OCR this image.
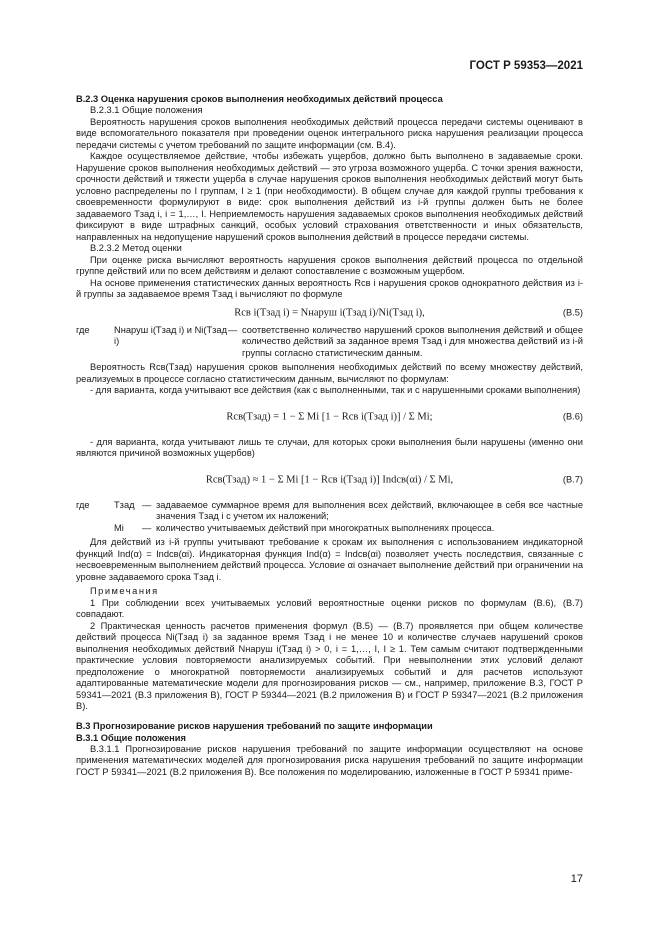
ГОСТ Р 59353—2021
B.2.3 Оценка нарушения сроков выполнения необходимых действий процесса

B.2.3.1 Общие положения

Вероятность нарушения сроков выполнения необходимых действий процесса передачи системы оценивают в виде вспомогательного показателя при проведении оценок интегрального риска нарушения реализации процесса передачи системы с учетом требований по защите информации (см. B.4).

Каждое осуществляемое действие, чтобы избежать ущербов, должно быть выполнено в задаваемые сроки. Нарушение сроков выполнения необходимых действий — это угроза возможного ущерба. С точки зрения важности, срочности действий и тяжести ущерба в случае нарушения сроков выполнения необходимых действий могут быть условно распределены по I группам, I ≥ 1 (при необходимости). В общем случае для каждой группы требования к своевременности формулируют в виде: срок выполнения действий из i-й группы должен быть не более задаваемого Tзад i, i = 1,…, I. Неприемлемость нарушения задаваемых сроков выполнения необходимых действий фиксируют в виде штрафных санкций, особых условий страхования ответственности и иных обязательств, направленных на недопущение нарушений сроков выполнения действий в процессе передачи системы.

B.2.3.2 Метод оценки

При оценке риска вычисляют вероятность нарушения сроков выполнения действий процесса по отдельной группе действий или по всем действиям и делают сопоставление с возможным ущербом.

На основе применения статистических данных вероятность Rсв i нарушения сроков однократного действия из i-й группы за задаваемое время Tзад i вычисляют по формуле

Rсв i(Tзад i) = Nнаруш i(Tзад i)/Ni(Tзад i),	(B.5)
где	Nнаруш i(Tзад i) и Ni(Tзад i)
— соответственно количество нарушений сроков выполнения действий и общее количество действий за заданное время Tзад i для множества действий из i-й группы согласно статистическим данным.

Вероятность Rсв(Tзад) нарушения сроков выполнения необходимых действий по всему множеству действий, реализуемых в процессе согласно статистическим данным, вычисляют по формулам:

- для варианта, когда учитывают все действия (как с выполненными, так и с нарушенными сроками выполнения)

Rсв(Tзад) = 1 − Σ Mi [1 − Rсв i(Tзад i)] / Σ Mi;	(B.6)

- для варианта, когда учитывают лишь те случаи, для которых сроки выполнения были нарушены (именно они являются причиной возможных ущербов)

Rсв(Tзад) ≈ 1 − Σ Mi [1 − Rсв i(Tзад i)] Indсв(αi) / Σ Mi,	(B.7)
где	Tзад — задаваемое суммарное время для выполнения всех действий, включающее в себя все частные значения Tзад i с учетом их наложений;

Mi	— количество учитываемых действий при многократных выполнениях процесса.

Для действий из i-й группы учитывают требование к срокам их выполнения с использованием индикаторной функций Ind(α) = Indсв(αi). Индикаторная функция Ind(α) = Indсв(αi) позволяет учесть последствия, связанные с несвоевременным выполнением действий процесса. Условие αi означает выполнение действий при ограничении на уровне задаваемого срока Tзад i.

Примечания

1 При соблюдении всех учитываемых условий вероятностные оценки рисков по формулам (B.6), (B.7) совпадают.

2 Практическая ценность расчетов применения формул (B.5) — (B.7) проявляется при общем количестве действий процесса Ni(Tзад i) за заданное время Tзад i не менее 10 и количестве случаев нарушений сроков выполнения необходимых действий Nнаруш i(Tзад i) > 0, i = 1,…, I, I ≥ 1. Тем самым считают подтвержденными практические условия повторяемости анализируемых событий. При невыполнении этих условий делают предположение о многократной повторяемости анализируемых событий и для расчетов используют адаптированные математические модели для прогнозирования рисков — см., например, приложение B.3, ГОСТ Р 59341—2021 (B.3 приложения B), ГОСТ Р 59344—2021 (B.2 приложения B) и ГОСТ Р 59347—2021 (B.2 приложения B).

B.3 Прогнозирование рисков нарушения требований по защите информации
B.3.1 Общие положения

B.3.1.1 Прогнозирование рисков нарушения требований по защите информации осуществляют на основе применения математических моделей для прогнозирования риска нарушения требований по защите информации ГОСТ Р 59341—2021 (B.2 приложения B). Все положения по моделированию, изложенные в ГОСТ Р 59341 приме-

17
